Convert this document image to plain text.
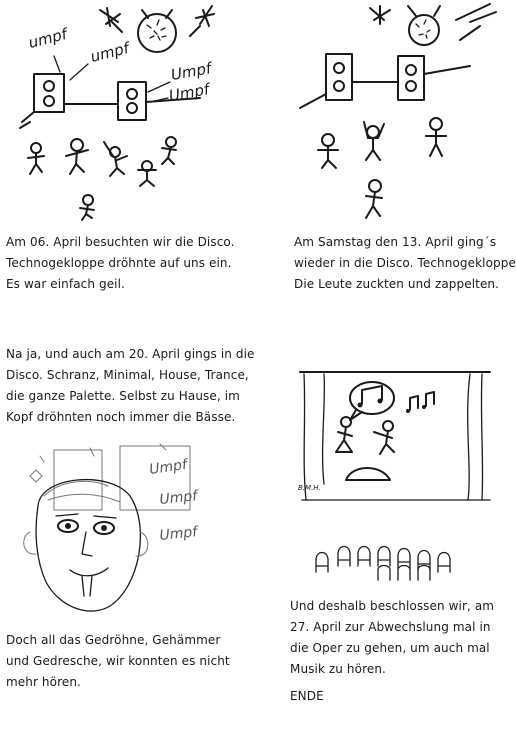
umpf
umpf
Umpf
Umpf
Am 06. April besuchten wir die Disco.
Technogekloppe dröhnte auf uns ein.
Es war einfach geil.
Am Samstag den 13. April ging´s
wieder in die Disco. Technogekloppe
Die Leute zuckten und zappelten.
Na ja, und auch am 20. April gings in die
Disco. Schranz, Minimal, House, Trance,
die ganze Palette. Selbst zu Hause, im
Kopf dröhnten noch immer die Bässe.
Umpf
Umpf
Umpf
Doch all das Gedröhne, Gehämmer
und Gedresche, wir konnten es nicht
mehr hören.
B.M.H.
Und deshalb beschlossen wir, am
27. April zur Abwechslung mal in
die Oper zu gehen, um auch mal
Musik zu hören.
ENDE
